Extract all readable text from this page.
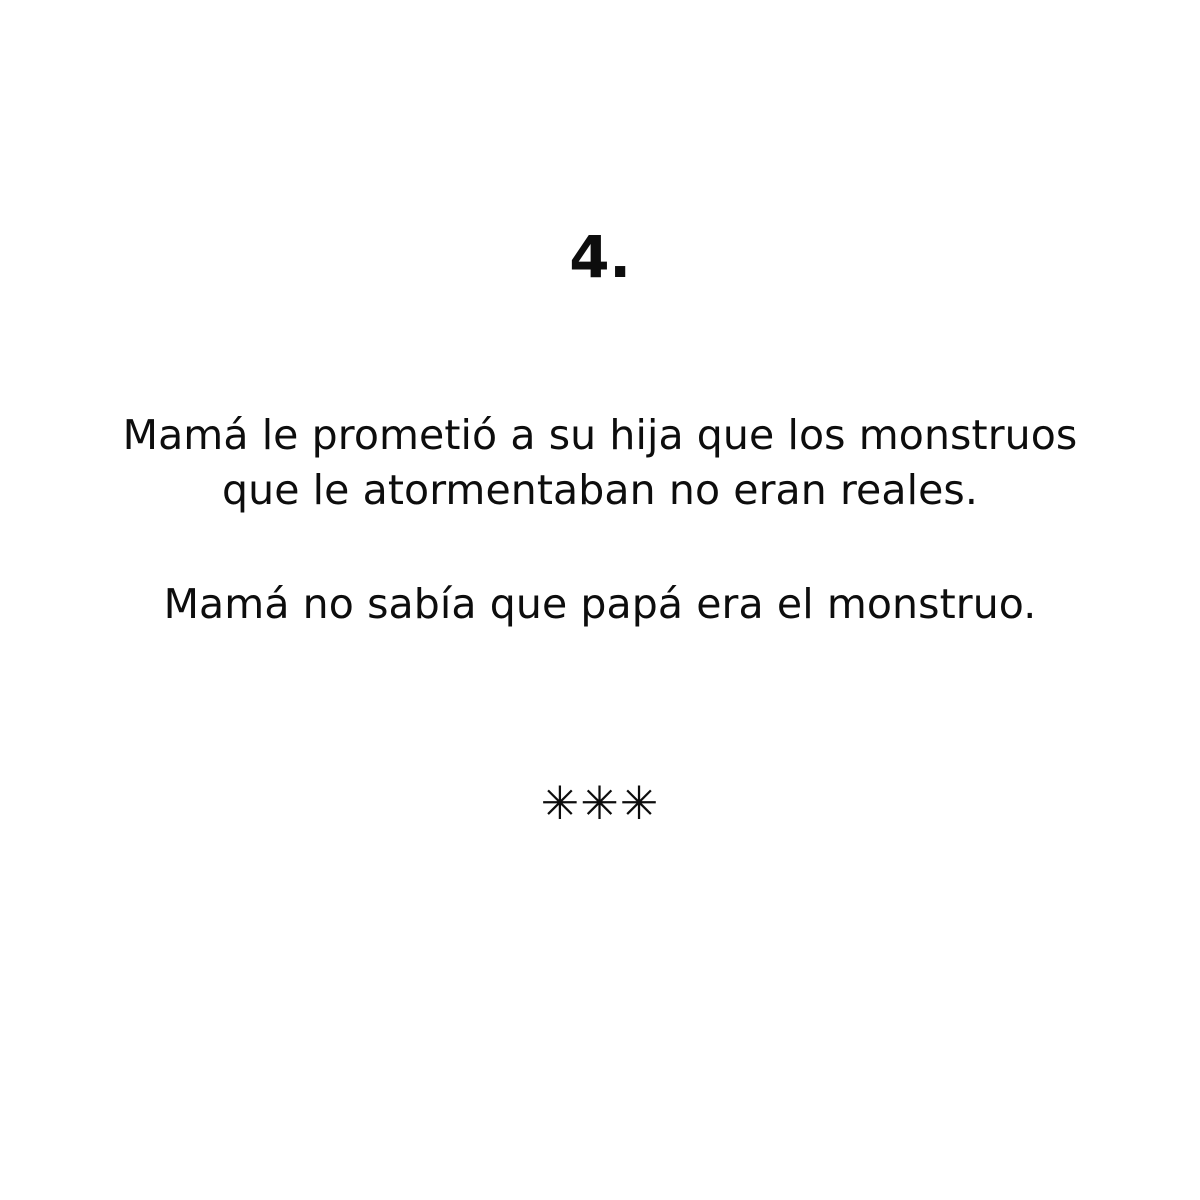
4.

Mamá le prometió a su hija que los monstruos que le atormentaban no eran reales.

Mamá no sabía que papá era el monstruo.

✳✳✳
